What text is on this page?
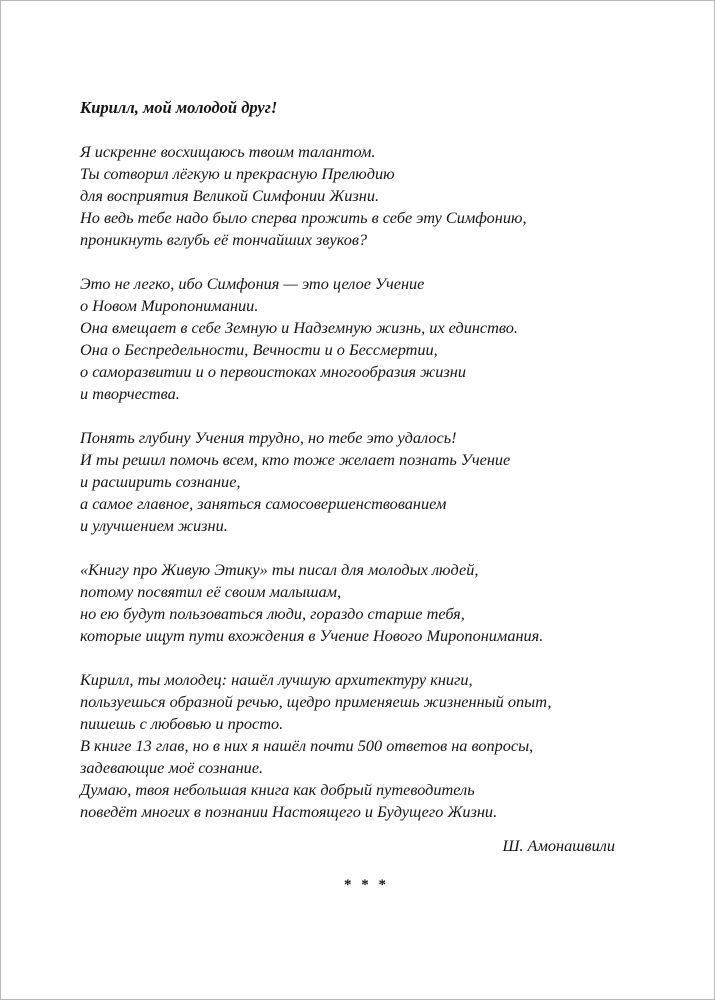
Кирилл, мой молодой друг!
Я искренне восхищаюсь твоим талантом.
Ты сотворил лёгкую и прекрасную Прелюдию
для восприятия Великой Симфонии Жизни.
Но ведь тебе надо было сперва прожить в себе эту Симфонию,
проникнуть вглубь её тончайших звуков?
Это не легко, ибо Симфония — это целое Учение
о Новом Миропонимании.
Она вмещает в себе Земную и Надземную жизнь, их единство.
Она о Беспредельности, Вечности и о Бессмертии,
о саморазвитии и о первоистоках многообразия жизни
и творчества.
Понять глубину Учения трудно, но тебе это удалось!
И ты решил помочь всем, кто тоже желает познать Учение
и расширить сознание,
а самое главное, заняться самосовершенствованием
и улучшением жизни.
«Книгу про Живую Этику» ты писал для молодых людей,
потому посвятил её своим малышам,
но ею будут пользоваться люди, гораздо старше тебя,
которые ищут пути вхождения в Учение Нового Миропонимания.
Кирилл, ты молодец: нашёл лучшую архитектуру книги,
пользуешься образной речью, щедро применяешь жизненный опыт,
пишешь с любовью и просто.
В книге 13 глав, но в них я нашёл почти 500 ответов на вопросы,
задевающие моё сознание.
Думаю, твоя небольшая книга как добрый путеводитель
поведёт многих в познании Настоящего и Будущего Жизни.
Ш. Амонашвили
* * *
